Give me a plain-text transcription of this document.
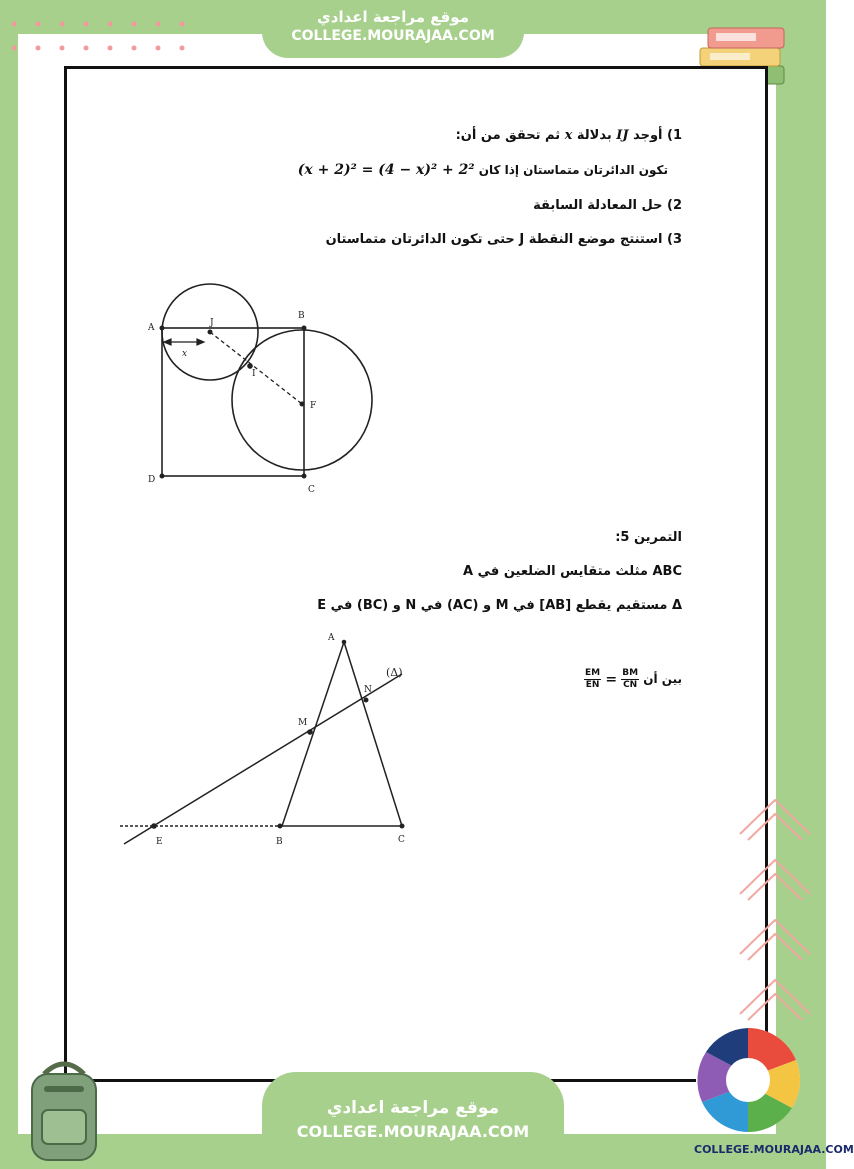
موقع مراجعة اعدادي
COLLEGE.MOURAJAA.COM
1) أوجد IJ بدلالة x ثم تحقق من أن:
تكون الدائرتان متماستان إذا كان (x + 2)² = (4 − x)² + 2²
2) حل المعادلة السابقة
3) استنتج موضع النقطة J حتى تكون الدائرتان متماستان
A	J
B
I
F
D
C
x
التمرين 5:
ABC مثلث متقايس الضلعين في A
Δ مستقيم يقطع [AB] في M و (AC) في N و (BC) في E
بين أن
$\frac{EM}{EN} = \frac{BM}{CN}$
A
N
M
E	B	C
(Δ)
موقع مراجعة اعدادي
COLLEGE.MOURAJAA.COM
COLLEGE.MOURAJAA.COM
